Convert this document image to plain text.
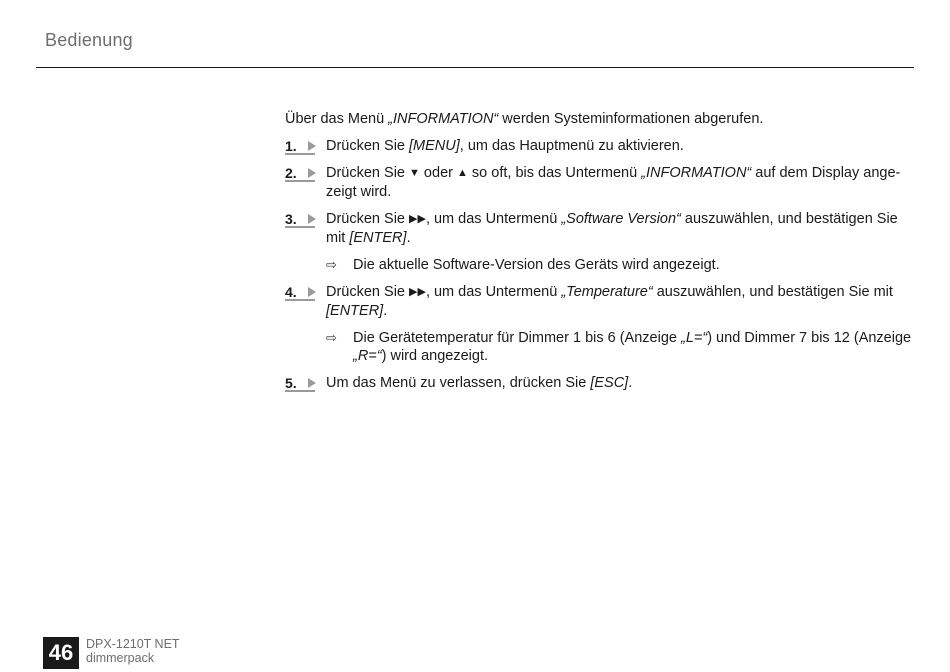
Bedienung

Über das Menü „INFORMATION“ werden Systeminformationen abgerufen.

1. Drücken Sie [MENU], um das Hauptmenü zu aktivieren.
2. Drücken Sie ▼ oder ▲ so oft, bis das Untermenü „INFORMATION“ auf dem Display ange-zeigt wird.
3. Drücken Sie ▶▶, um das Untermenü „Software Version“ auszuwählen, und bestätigen Sie mit [ENTER].

⇨ Die aktuelle Software-Version des Geräts wird angezeigt.

4. Drücken Sie ▶▶, um das Untermenü „Temperature“ auszuwählen, und bestätigen Sie mit [ENTER].

⇨ Die Gerätetemperatur für Dimmer 1 bis 6 (Anzeige „L=“) und Dimmer 7 bis 12 (Anzeige „R=“) wird angezeigt.

5. Um das Menü zu verlassen, drücken Sie [ESC].
46	DPX-1210T NET
dimmerpack
